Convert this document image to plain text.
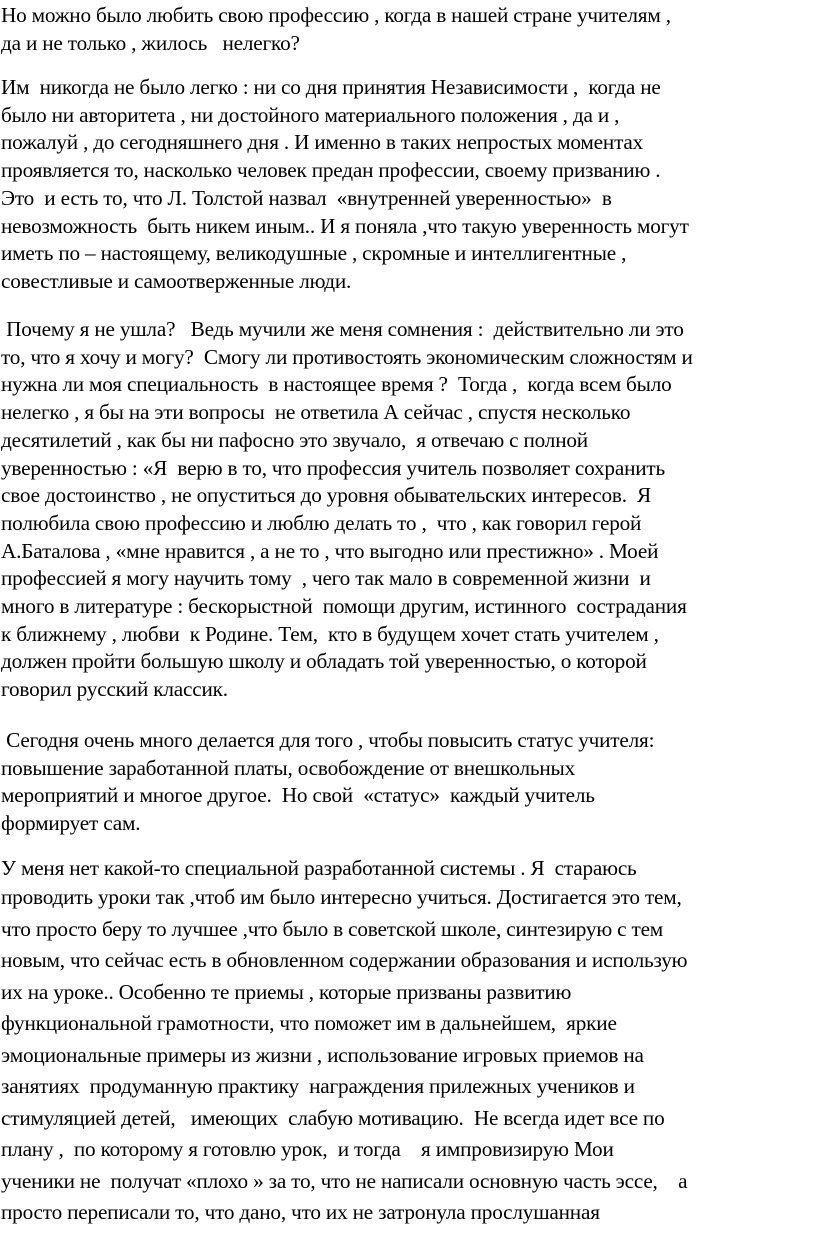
Но можно было любить свою профессию , когда в нашей стране учителям ,
да и не только , жилось   нелегко?

Им  никогда не было легко : ни со дня принятия Независимости ,  когда не
было ни авторитета , ни достойного материального положения , да и ,
пожалуй , до сегодняшнего дня . И именно в таких непростых моментах
проявляется то, насколько человек предан профессии, своему призванию .
Это  и есть то, что Л. Толстой назвал  «внутренней уверенностью»  в
невозможность  быть никем иным.. И я поняла ,что такую уверенность могут
иметь по – настоящему, великодушные , скромные и интеллигентные ,
совестливые и самоотверженные люди.

Почему я не ушла?   Ведь мучили же меня сомнения :  действительно ли это
то, что я хочу и могу?  Смогу ли противостоять экономическим сложностям и
нужна ли моя специальность  в настоящее время ?  Тогда ,  когда всем было
нелегко , я бы на эти вопросы  не ответила А сейчас , спустя несколько
десятилетий , как бы ни пафосно это звучало,  я отвечаю с полной
уверенностью : «Я  верю в то, что профессия учитель позволяет сохранить
свое достоинство , не опуститься до уровня обывательских интересов.  Я
полюбила свою профессию и люблю делать то ,  что , как говорил герой
А.Баталова , «мне нравится , а не то , что выгодно или престижно» . Моей
профессией я могу научить тому  , чего так мало в современной жизни  и
много в литературе : бескорыстной  помощи другим, истинного  сострадания
к ближнему , любви  к Родине. Тем,  кто в будущем хочет стать учителем ,
должен пройти большую школу и обладать той уверенностью, о которой
говорил русский классик.

Сегодня очень много делается для того , чтобы повысить статус учителя:
повышение заработанной платы, освобождение от внешкольных
мероприятий и многое другое.  Но свой  «статус»  каждый учитель
формирует сам.

У меня нет какой-то специальной разработанной системы . Я  стараюсь

проводить уроки так ,чтоб им было интересно учиться. Достигается это тем,
что просто беру то лучшее ,что было в советской школе, синтезирую с тем
новым, что сейчас есть в обновленном содержании образования и использую
их на уроке.. Особенно те приемы , которые призваны развитию
функциональной грамотности, что поможет им в дальнейшем,  яркие
эмоциональные примеры из жизни , использование игровых приемов на
занятиях  продуманную практику  награждения прилежных учеников и
стимуляцией детей,   имеющих  слабую мотивацию.  Не всегда идет все по
плану ,  по которому я готовлю урок,  и тогда    я импровизирую Мои
ученики не  получат «плохо » за то, что не написали основную часть эссе,    а
просто переписали то, что дано, что их не затронула прослушанная
